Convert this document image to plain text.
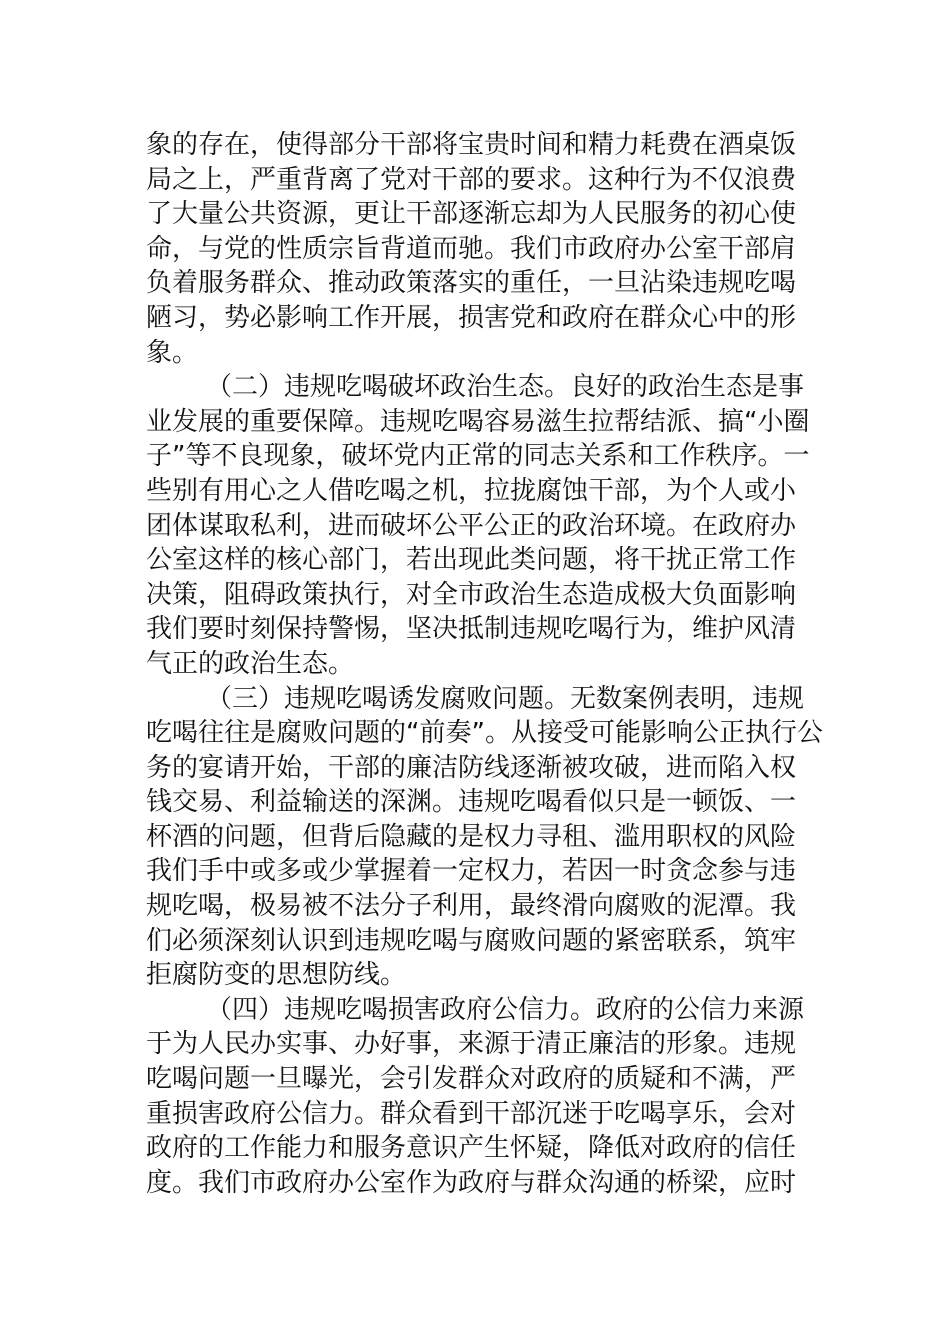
象的存在，使得部分干部将宝贵时间和精力耗费在酒桌饭
局之上，严重背离了党对干部的要求。这种行为不仅浪费
了大量公共资源，更让干部逐渐忘却为人民服务的初心使
命，与党的性质宗旨背道而驰。我们市政府办公室干部肩
负着服务群众、推动政策落实的重任，一旦沾染违规吃喝
陋习，势必影响工作开展，损害党和政府在群众心中的形
象。
（二）违规吃喝破坏政治生态。良好的政治生态是事
业发展的重要保障。违规吃喝容易滋生拉帮结派、搞“小圈
子”等不良现象，破坏党内正常的同志关系和工作秩序。一
些别有用心之人借吃喝之机，拉拢腐蚀干部，为个人或小
团体谋取私利，进而破坏公平公正的政治环境。在政府办
公室这样的核心部门，若出现此类问题，将干扰正常工作
决策，阻碍政策执行，对全市政治生态造成极大负面影响
我们要时刻保持警惕，坚决抵制违规吃喝行为，维护风清
气正的政治生态。
（三）违规吃喝诱发腐败问题。无数案例表明，违规
吃喝往往是腐败问题的“前奏”。从接受可能影响公正执行公
务的宴请开始，干部的廉洁防线逐渐被攻破，进而陷入权
钱交易、利益输送的深渊。违规吃喝看似只是一顿饭、一
杯酒的问题，但背后隐藏的是权力寻租、滥用职权的风险
我们手中或多或少掌握着一定权力，若因一时贪念参与违
规吃喝，极易被不法分子利用，最终滑向腐败的泥潭。我
们必须深刻认识到违规吃喝与腐败问题的紧密联系，筑牢
拒腐防变的思想防线。
（四）违规吃喝损害政府公信力。政府的公信力来源
于为人民办实事、办好事，来源于清正廉洁的形象。违规
吃喝问题一旦曝光，会引发群众对政府的质疑和不满，严
重损害政府公信力。群众看到干部沉迷于吃喝享乐，会对
政府的工作能力和服务意识产生怀疑，降低对政府的信任
度。我们市政府办公室作为政府与群众沟通的桥梁，应时
